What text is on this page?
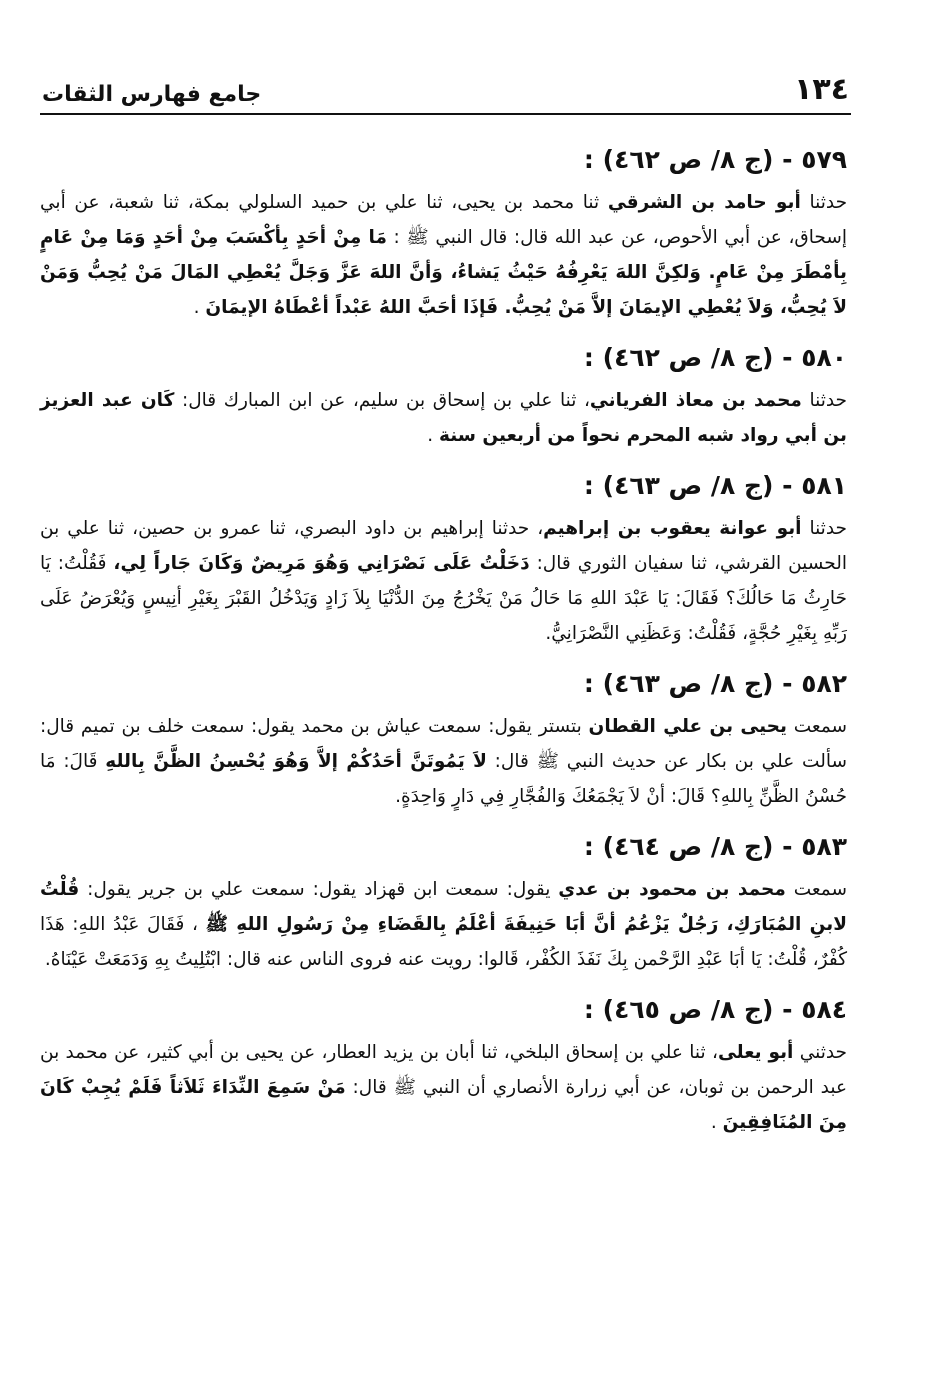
١٣٤
جامع فهارس الثقات
٥٧٩ - (ج ٨/ ص ٤٦٢) :
حدثنا أبو حامد بن الشرقي ثنا محمد بن يحيى، ثنا علي بن حميد السلولي بمكة، ثنا شعبة، عن أبي إسحاق، عن أبي الأحوص، عن عبد الله قال: قال النبي ﷺ : مَا مِنْ أحَدٍ بِأكْسَبَ مِنْ أحَدٍ وَمَا مِنْ عَامٍ بِأمْطَرَ مِنْ عَامٍ. وَلكِنَّ اللهَ يَعْرِفُهُ حَيْثُ يَشاءُ، وَأنَّ اللهَ عَزَّ وَجَلَّ يُعْطِي المَالَ مَنْ يُحِبُّ وَمَنْ لاَ يُحِبُّ، وَلاَ يُعْطِي الإيمَانَ إلاَّ مَنْ يُحِبُّ. فَإذَا أحَبَّ اللهُ عَبْداً أعْطَاهُ الإيمَانَ .
٥٨٠ - (ج ٨/ ص ٤٦٢) :
حدثنا محمد بن معاذ الفرياني، ثنا علي بن إسحاق بن سليم، عن ابن المبارك قال: كَان عبد العزيز بن أبي رواد شبه المحرم نحواً من أربعين سنة .
٥٨١ - (ج ٨/ ص ٤٦٣) :
حدثنا أبو عوانة يعقوب بن إبراهيم، حدثنا إبراهيم بن داود البصري، ثنا عمرو بن حصين، ثنا علي بن الحسين القرشي، ثنا سفيان الثوري قال: دَخَلْتُ عَلَى نَصْرَانِي وَهُوَ مَرِيضٌ وَكَانَ جَاراً لِي، فَقُلْتُ: يَا حَارِثُ مَا حَالُكَ؟ فَقَالَ: يَا عَبْدَ اللهِ مَا حَالُ مَنْ يَخْرُجُ مِنَ الدُّنْيَا بِلاَ زَادٍ وَيَدْخُلُ القَبْرَ بِغَيْرِ أنِيسٍ وَيُعْرَضُ عَلَى رَبِّهِ بِغَيْرِ حُجَّةٍ، فَقُلْتُ: وَعَظَنِي النَّصْرَانِيُّ.
٥٨٢ - (ج ٨/ ص ٤٦٣) :
سمعت يحيى بن علي القطان بتستر يقول: سمعت عياش بن محمد يقول: سمعت خلف بن تميم قال: سألت علي بن بكار عن حديث النبي ﷺ قال: لاَ يَمُوتَنَّ أحَدُكُمْ إلاَّ وَهُوَ يُحْسِنُ الظَّنَّ بِاللهِ قَالَ: مَا حُسْنُ الظَّنِّ بِاللهِ؟ قَالَ: أنْ لاَ يَجْمَعُكَ وَالفُجَّارِ فِي دَارٍ وَاحِدَةٍ.
٥٨٣ - (ج ٨/ ص ٤٦٤) :
سمعت محمد بن محمود بن عدي يقول: سمعت ابن قهزاد يقول: سمعت علي بن جرير يقول: قُلْتُ لابنِ المُبَارَكِ، رَجُلٌ يَزْعُمُ أنَّ أبَا حَنِيفَةَ أعْلَمُ بِالقَضَاءِ مِنْ رَسُولِ اللهِ ﷺ ، فَقَالَ عَبْدُ اللهِ: هَذَا كُفْرٌ، قُلْتُ: يَا أبَا عَبْدِ الرَّحْمن بِكَ نَفَذَ الكُفْر، قَالوا: رويت عنه فروى الناس عنه قال: ابْتُلِيتُ بِهِ وَدَمَعَتْ عَيْنَاهُ.
٥٨٤ - (ج ٨/ ص ٤٦٥) :
حدثني أبو يعلى، ثنا علي بن إسحاق البلخي، ثنا أبان بن يزيد العطار، عن يحيى بن أبي كثير، عن محمد بن عبد الرحمن بن ثوبان، عن أبي زرارة الأنصاري أن النبي ﷺ قال: مَنْ سَمِعَ النِّدَاءَ ثَلاَثاً فَلَمْ يُجِبْ كَانَ مِنَ المُنَافِقِينَ .
